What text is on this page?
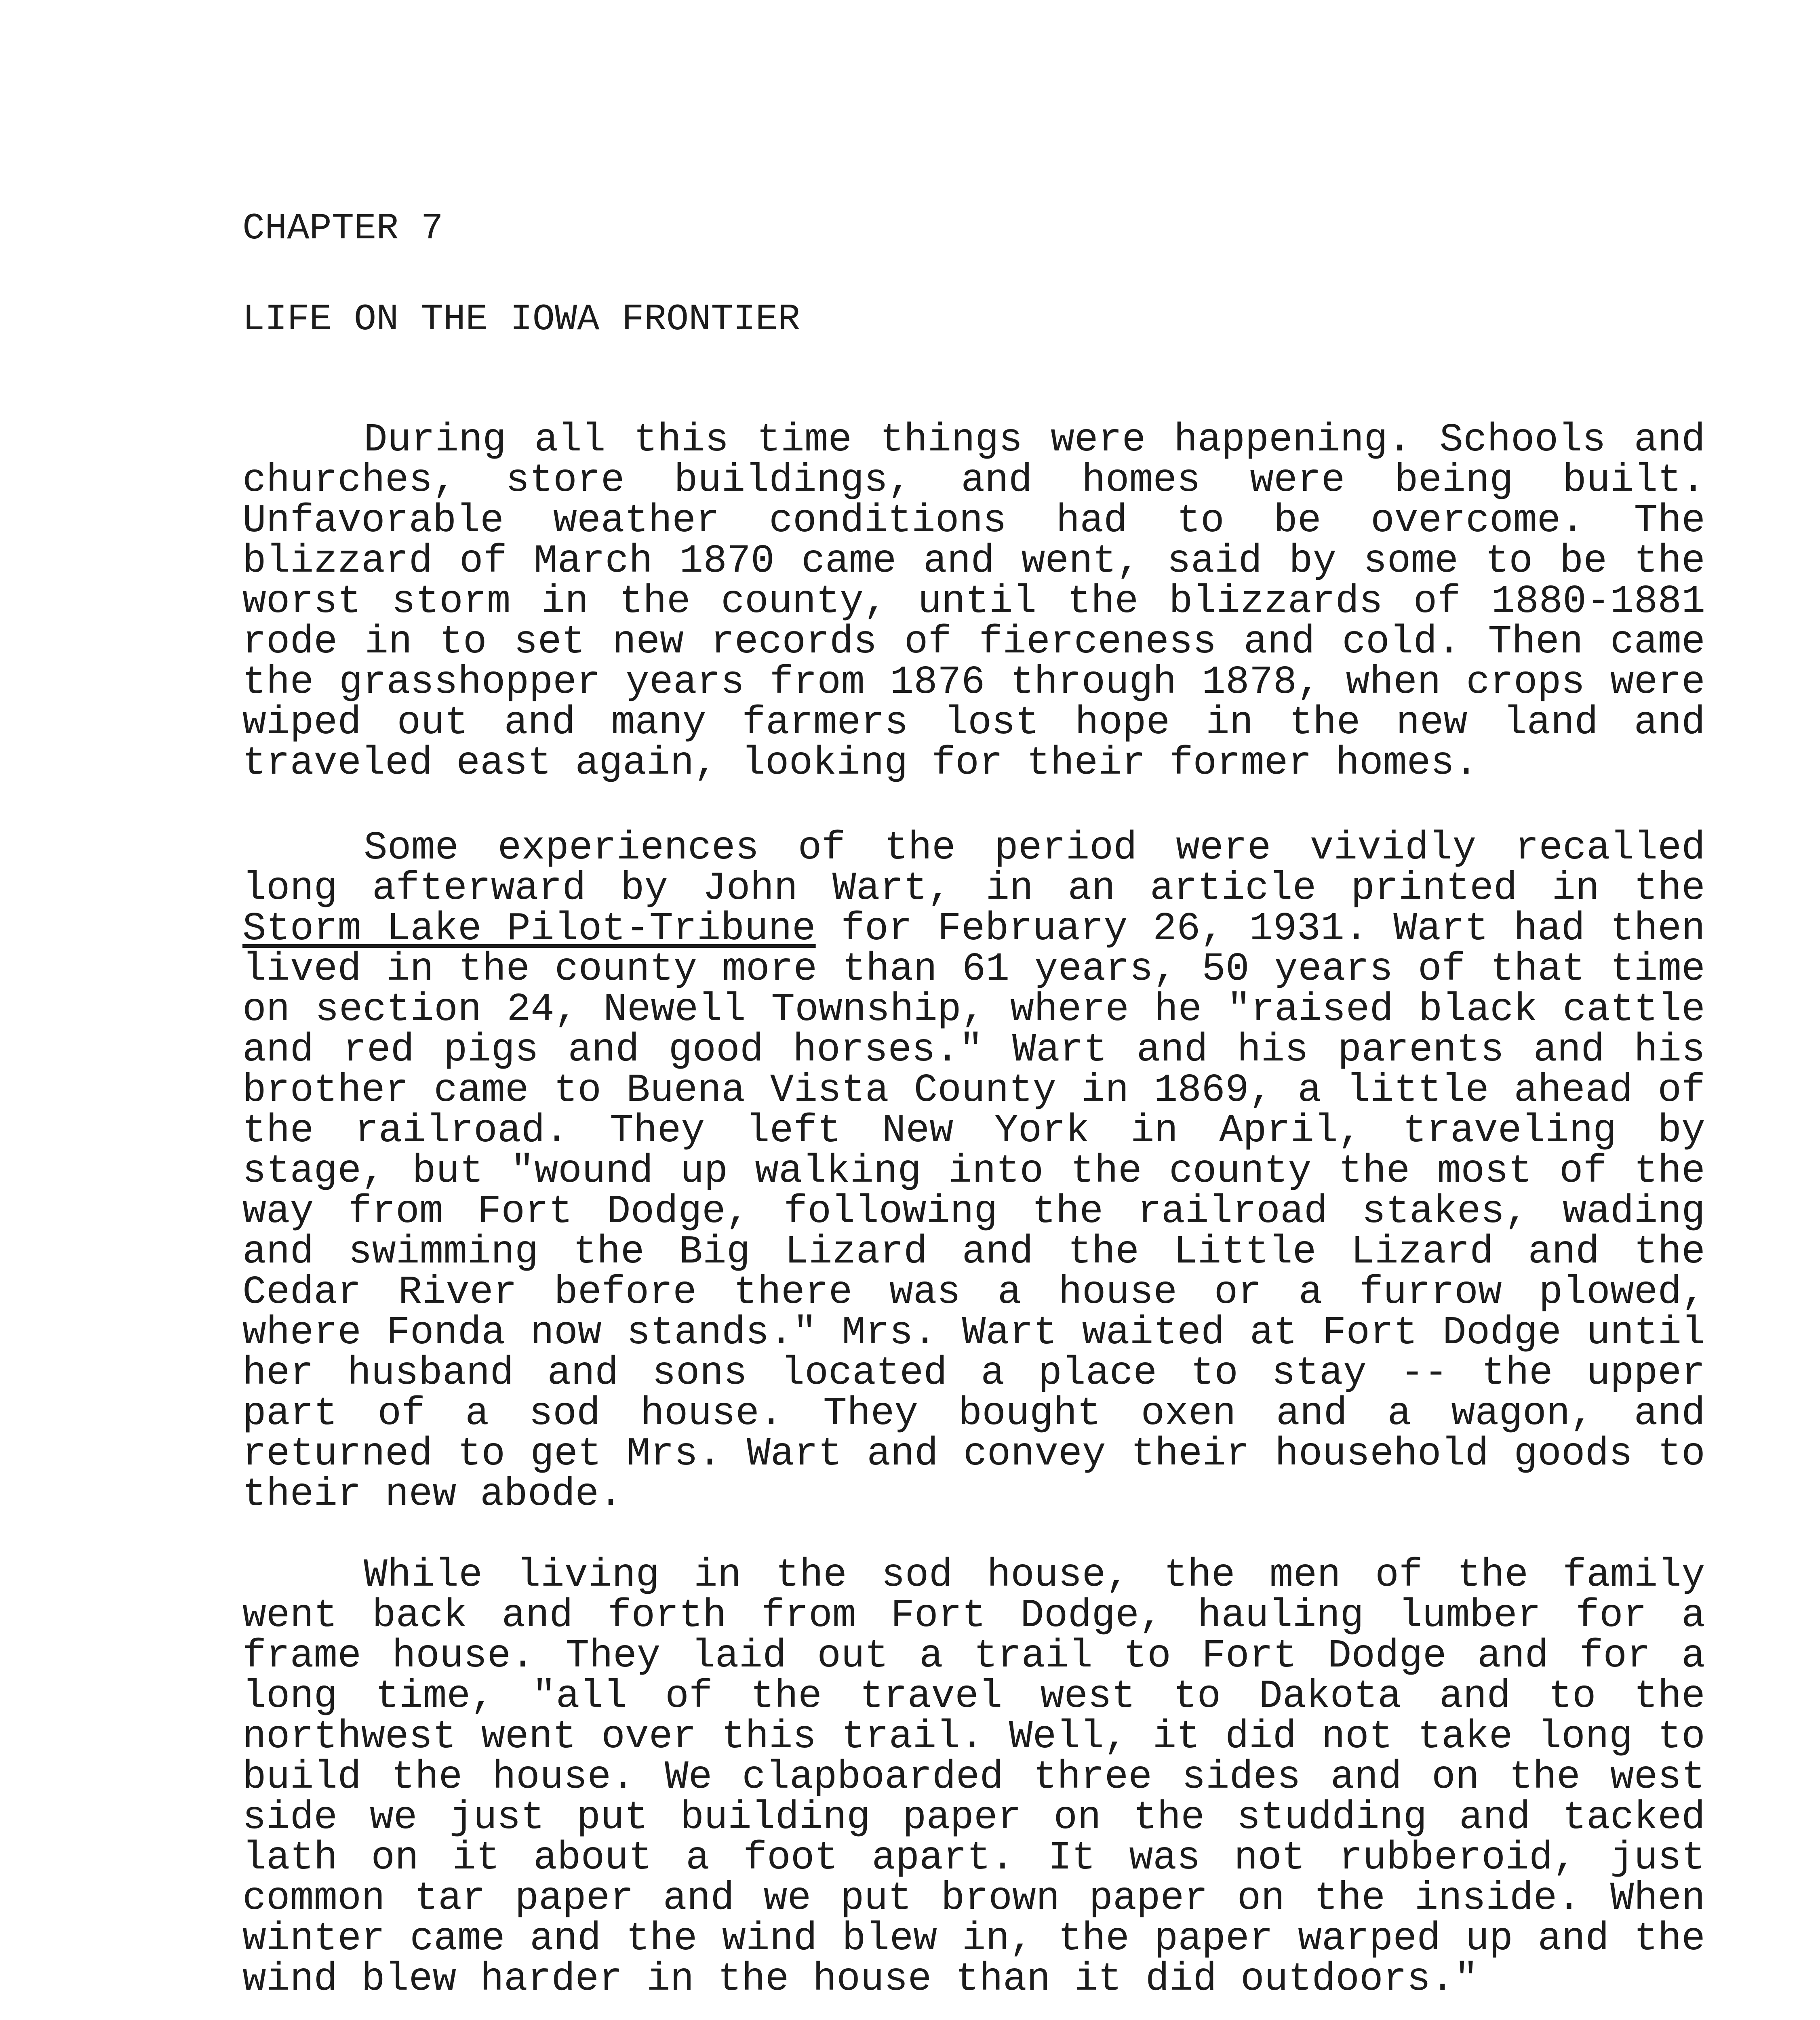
CHAPTER 7
LIFE ON THE IOWA FRONTIER

During all this time things were happening. Schools and churches, store buildings, and homes were being built. Unfavorable weather conditions had to be overcome. The blizzard of March 1870 came and went, said by some to be the worst storm in the county, until the blizzards of 1880-1881 rode in to set new records of fierceness and cold. Then came the grasshopper years from 1876 through 1878, when crops were wiped out and many farmers lost hope in the new land and traveled east again, looking for their former homes.

Some experiences of the period were vividly recalled long afterward by John Wart, in an article printed in the Storm Lake Pilot-Tribune for February 26, 1931. Wart had then lived in the county more than 61 years, 50 years of that time on section 24, Newell Township, where he "raised black cattle and red pigs and good horses." Wart and his parents and his brother came to Buena Vista County in 1869, a little ahead of the railroad. They left New York in April, traveling by stage, but "wound up walking into the county the most of the way from Fort Dodge, following the railroad stakes, wading and swimming the Big Lizard and the Little Lizard and the Cedar River before there was a house or a furrow plowed, where Fonda now stands." Mrs. Wart waited at Fort Dodge until her husband and sons located a place to stay -- the upper part of a sod house. They bought oxen and a wagon, and returned to get Mrs. Wart and convey their household goods to their new abode.

While living in the sod house, the men of the family went back and forth from Fort Dodge, hauling lumber for a frame house. They laid out a trail to Fort Dodge and for a long time, "all of the travel west to Dakota and to the northwest went over this trail. Well, it did not take long to build the house. We clapboarded three sides and on the west side we just put building paper on the studding and tacked lath on it about a foot apart. It was not rubberoid, just common tar paper and we put brown paper on the inside. When winter came and the wind blew in, the paper warped up and the wind blew harder in the house than it did outdoors."
